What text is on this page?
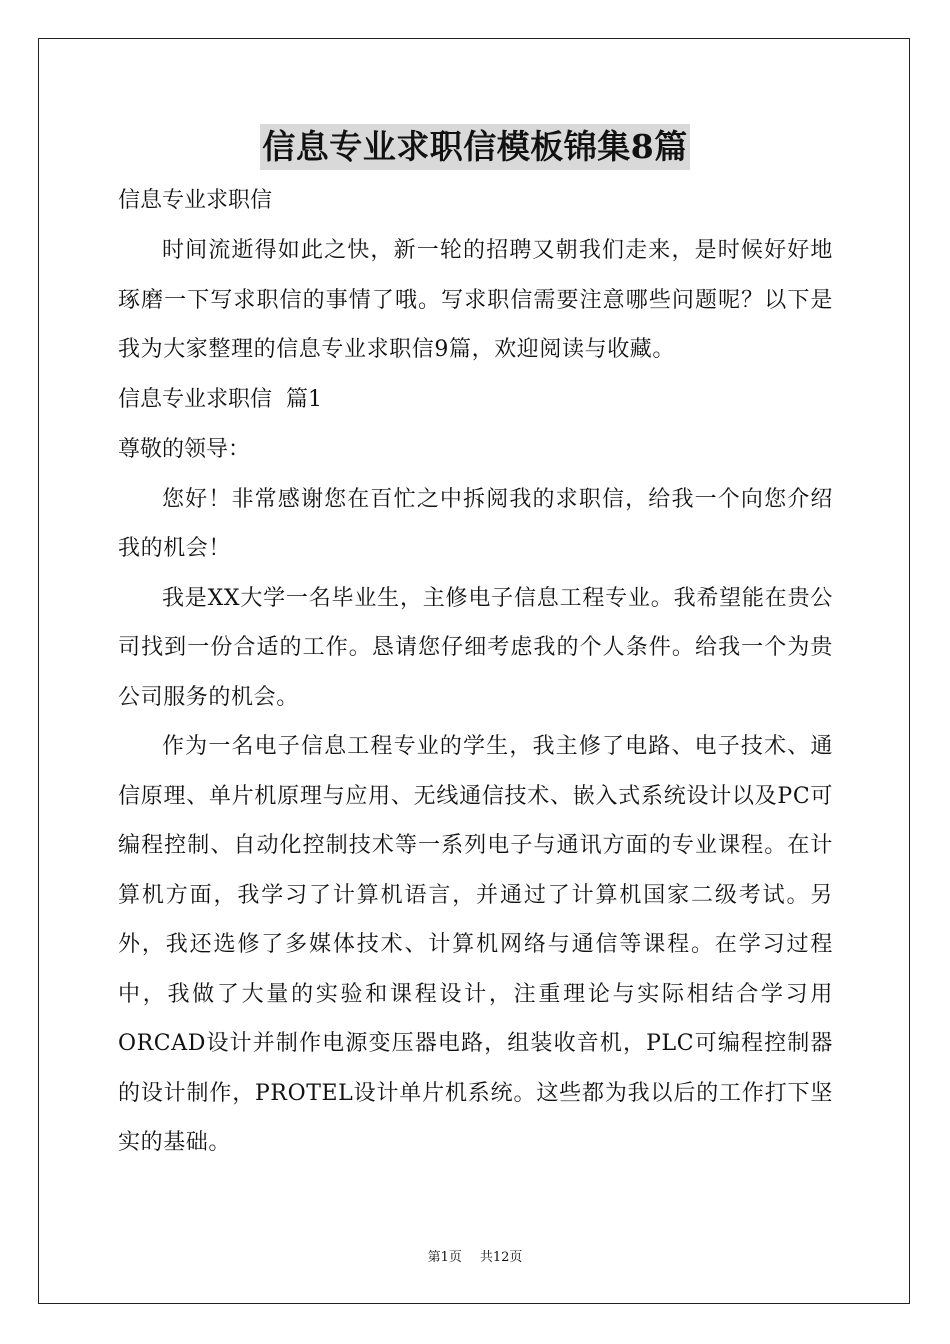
信息专业求职信模板锦集8篇

信息专业求职信

时间流逝得如此之快，新一轮的招聘又朝我们走来，是时候好好地琢磨一下写求职信的事情了哦。写求职信需要注意哪些问题呢？以下是我为大家整理的信息专业求职信9篇，欢迎阅读与收藏。

信息专业求职信  篇1

尊敬的领导：

您好！非常感谢您在百忙之中拆阅我的求职信，给我一个向您介绍我的机会！

我是XX大学一名毕业生，主修电子信息工程专业。我希望能在贵公司找到一份合适的工作。恳请您仔细考虑我的个人条件。给我一个为贵公司服务的机会。

作为一名电子信息工程专业的学生，我主修了电路、电子技术、通信原理、单片机原理与应用、无线通信技术、嵌入式系统设计以及PC可编程控制、自动化控制技术等一系列电子与通讯方面的专业课程。在计算机方面，我学习了计算机语言，并通过了计算机国家二级考试。另外，我还选修了多媒体技术、计算机网络与通信等课程。在学习过程中，我做了大量的实验和课程设计，注重理论与实际相结合学习用ORCAD设计并制作电源变压器电路，组装收音机，PLC可编程控制器的设计制作，PROTEL设计单片机系统。这些都为我以后的工作打下坚实的基础。

第1页 共12页
